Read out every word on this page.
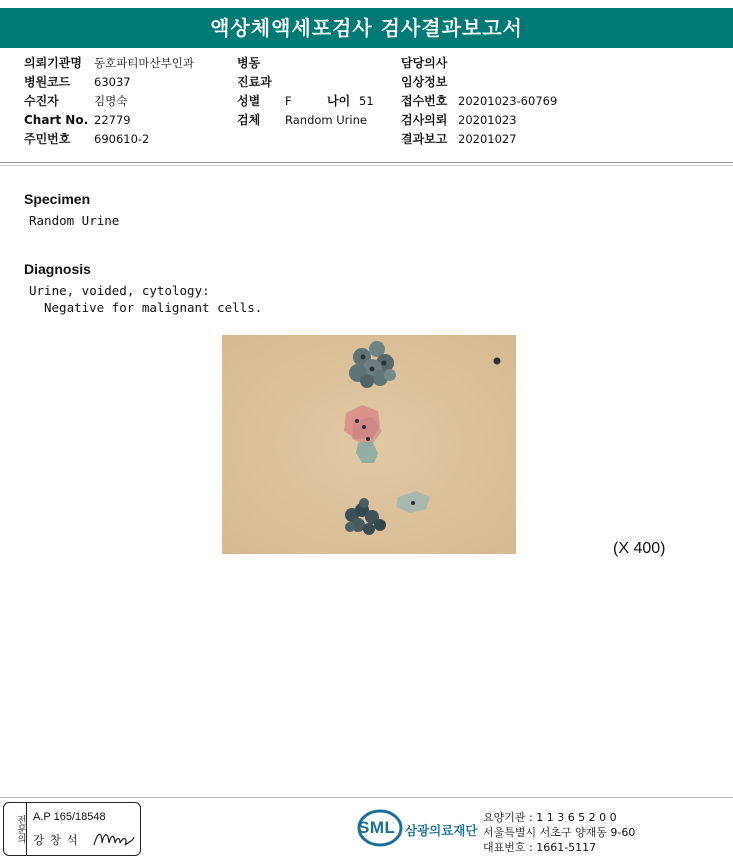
액상체액세포검사 검사결과보고서
의뢰기관명 동호파티마산부인과
병원코드 63037
수진자	김명숙
Chart No. 22779
주민번호 690610-2
병동
진료과
성별 F	나이 51
검체 Random Urine
담당의사
임상정보
접수번호 20201023-60769
검사의뢰 20201023
결과보고 20201027
Specimen
Random Urine
Diagnosis
Urine, voided, cytology:
Negative for malignant cells.
(X 400)
전문의 A.P 165/18548
강 창 석
SML 삼광의료재단
요양기관 : 1 1 3 6 5 2 0 0
서울특별시 서초구 양재동 9-60
대표번호 : 1661-5117
